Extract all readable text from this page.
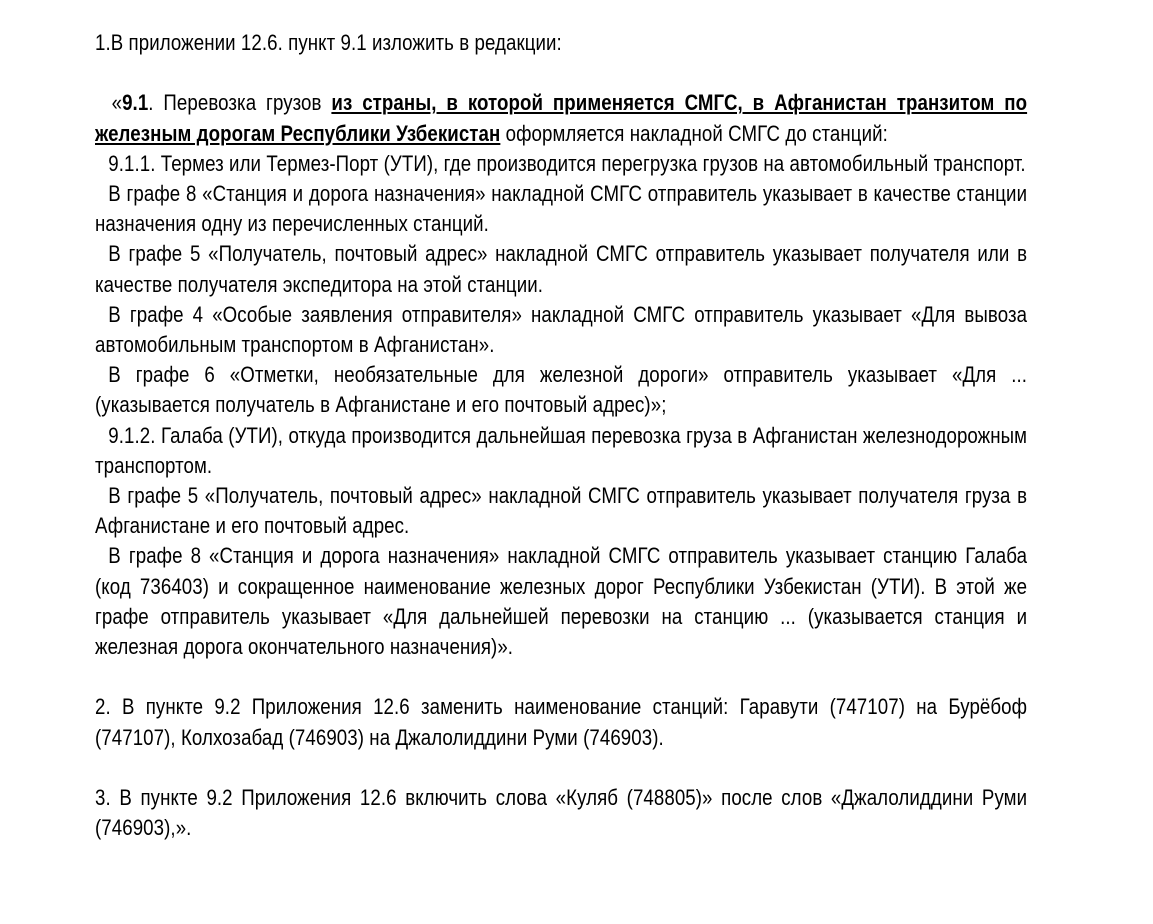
1.В приложении 12.6. пункт 9.1 изложить в редакции:

«9.1. Перевозка грузов из страны, в которой применяется СМГС, в Афганистан транзитом по железным дорогам Республики Узбекистан оформляется накладной СМГС до станций:

9.1.1. Термез или Термез-Порт (УТИ), где производится перегрузка грузов на автомобильный транспорт.

В графе 8 «Станция и дорога назначения» накладной СМГС отправитель указывает в качестве станции назначения одну из перечисленных станций.

В графе 5 «Получатель, почтовый адрес» накладной СМГС отправитель указывает получателя или в качестве получателя экспедитора на этой станции.

В графе 4 «Особые заявления отправителя» накладной СМГС отправитель указывает «Для вывоза автомобильным транспортом в Афганистан».

В графе 6 «Отметки, необязательные для железной дороги» отправитель указывает «Для ... (указывается получатель в Афганистане и его почтовый адрес)»;

9.1.2. Галаба (УТИ), откуда производится дальнейшая перевозка груза в Афганистан железнодорожным транспортом.

В графе 5 «Получатель, почтовый адрес» накладной СМГС отправитель указывает получателя груза в Афганистане и его почтовый адрес.

В графе 8 «Станция и дорога назначения» накладной СМГС отправитель указывает станцию Галаба (код 736403) и сокращенное наименование железных дорог Республики Узбекистан (УТИ). В этой же графе отправитель указывает «Для дальнейшей перевозки на станцию ... (указывается станция и железная дорога окончательного назначения)».

2. В пункте 9.2 Приложения 12.6 заменить наименование станций: Гаравути (747107) на Бурёбоф (747107), Колхозабад (746903) на Джалолиддини Руми (746903).

3. В пункте 9.2 Приложения 12.6 включить слова «Куляб (748805)» после слов «Джалолиддини Руми (746903),».
